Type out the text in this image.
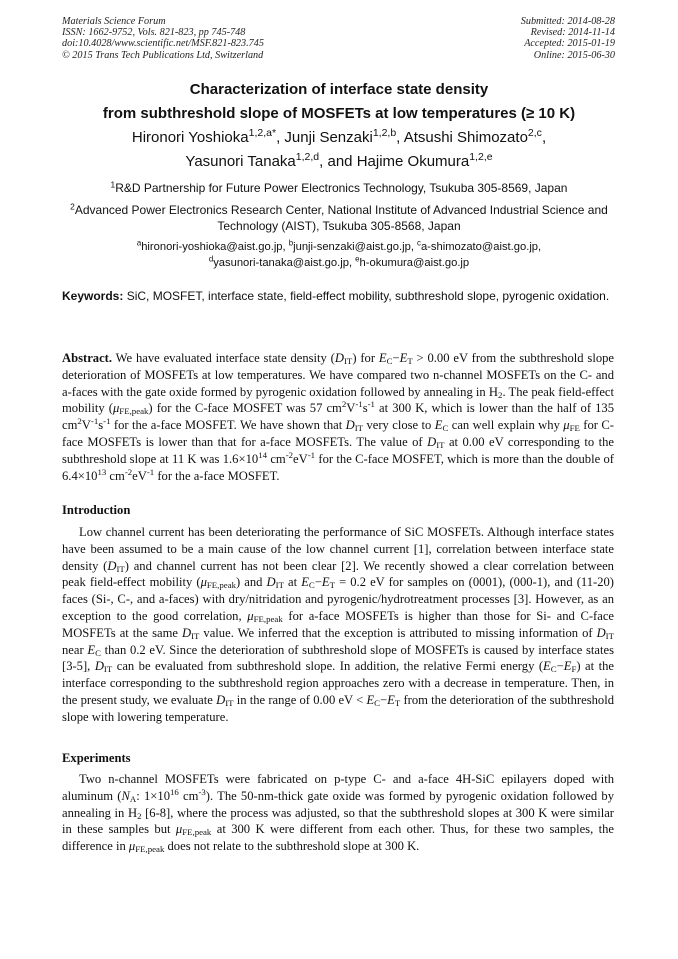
Materials Science Forum
ISSN: 1662-9752, Vols. 821-823, pp 745-748
doi:10.4028/www.scientific.net/MSF.821-823.745
© 2015 Trans Tech Publications Ltd, Switzerland
Submitted: 2014-08-28
Revised: 2014-11-14
Accepted: 2015-01-19
Online: 2015-06-30
Characterization of interface state density
from subthreshold slope of MOSFETs at low temperatures (≥ 10 K)
Hironori Yoshioka$^{1,2,a*}$, Junji Senzaki$^{1,2,b}$, Atsushi Shimozato$^{2,c}$,
Yasunori Tanaka$^{1,2,d}$, and Hajime Okumura$^{1,2,e}$
$^1$R&D Partnership for Future Power Electronics Technology, Tsukuba 305-8569, Japan
$^2$Advanced Power Electronics Research Center, National Institute of Advanced Industrial Science and Technology (AIST), Tsukuba 305-8568, Japan
$^a$hironori-yoshioka@aist.go.jp, $^b$junji-senzaki@aist.go.jp, $^c$a-shimozato@aist.go.jp,
$^d$yasunori-tanaka@aist.go.jp, $^e$h-okumura@aist.go.jp
Keywords: SiC, MOSFET, interface state, field-effect mobility, subthreshold slope, pyrogenic oxidation.
Abstract. We have evaluated interface state density $(D_{IT})$ for $E_C-E_T > 0.00$ eV from the subthreshold slope deterioration of MOSFETs at low temperatures. We have compared two n-channel MOSFETs on the C- and a-faces with the gate oxide formed by pyrogenic oxidation followed by annealing in $H_2$. The peak field-effect mobility $(\mu_{FE,peak})$ for the C-face MOSFET was 57 $cm^2V^{-1}s^{-1}$ at 300 K, which is lower than the half of 135 $cm^2V^{-1}s^{-1}$ for the a-face MOSFET. We have shown that $D_{IT}$ very close to $E_C$ can well explain why $\mu_{FE}$ for C-face MOSFETs is lower than that for a-face MOSFETs. The value of $D_{IT}$ at 0.00 eV corresponding to the subthreshold slope at 11 K was $1.6\times 10^{14}$ $cm^{-2}eV^{-1}$ for the C-face MOSFET, which is more than the double of $6.4\times 10^{13}$ $cm^{-2}eV^{-1}$ for the a-face MOSFET.
Introduction
Low channel current has been deteriorating the performance of SiC MOSFETs. Although interface states have been assumed to be a main cause of the low channel current [1], correlation between interface state density $(D_{IT})$ and channel current has not been clear [2]. We recently showed a clear correlation between peak field-effect mobility $(\mu_{FE,peak})$ and $D_{IT}$ at $E_C-E_T = 0.2$ eV for samples on (0001), (000-1), and (11-20) faces (Si-, C-, and a-faces) with dry/nitridation and pyrogenic/hydrotreatment processes [3]. However, as an exception to the good correlation, $\mu_{FE,peak}$ for a-face MOSFETs is higher than those for Si- and C-face MOSFETs at the same $D_{IT}$ value. We inferred that the exception is attributed to missing information of $D_{IT}$ near $E_C$ than 0.2 eV. Since the deterioration of subthreshold slope of MOSFETs is caused by interface states [3-5], $D_{IT}$ can be evaluated from subthreshold slope. In addition, the relative Fermi energy $(E_C-E_F)$ at the interface corresponding to the subthreshold region approaches zero with a decrease in temperature. Then, in the present study, we evaluate $D_{IT}$ in the range of 0.00 eV < $E_C-E_T$ from the deterioration of the subthreshold slope with lowering temperature.
Experiments
Two n-channel MOSFETs were fabricated on p-type C- and a-face 4H-SiC epilayers doped with aluminum ($N_A$: $1\times 10^{16}$ $cm^{-3}$). The 50-nm-thick gate oxide was formed by pyrogenic oxidation followed by annealing in $H_2$ [6-8], where the process was adjusted, so that the subthreshold slopes at 300 K were similar in these samples but $\mu_{FE,peak}$ at 300 K were different from each other. Thus, for these two samples, the difference in $\mu_{FE,peak}$ does not relate to the subthreshold slope at 300 K.
